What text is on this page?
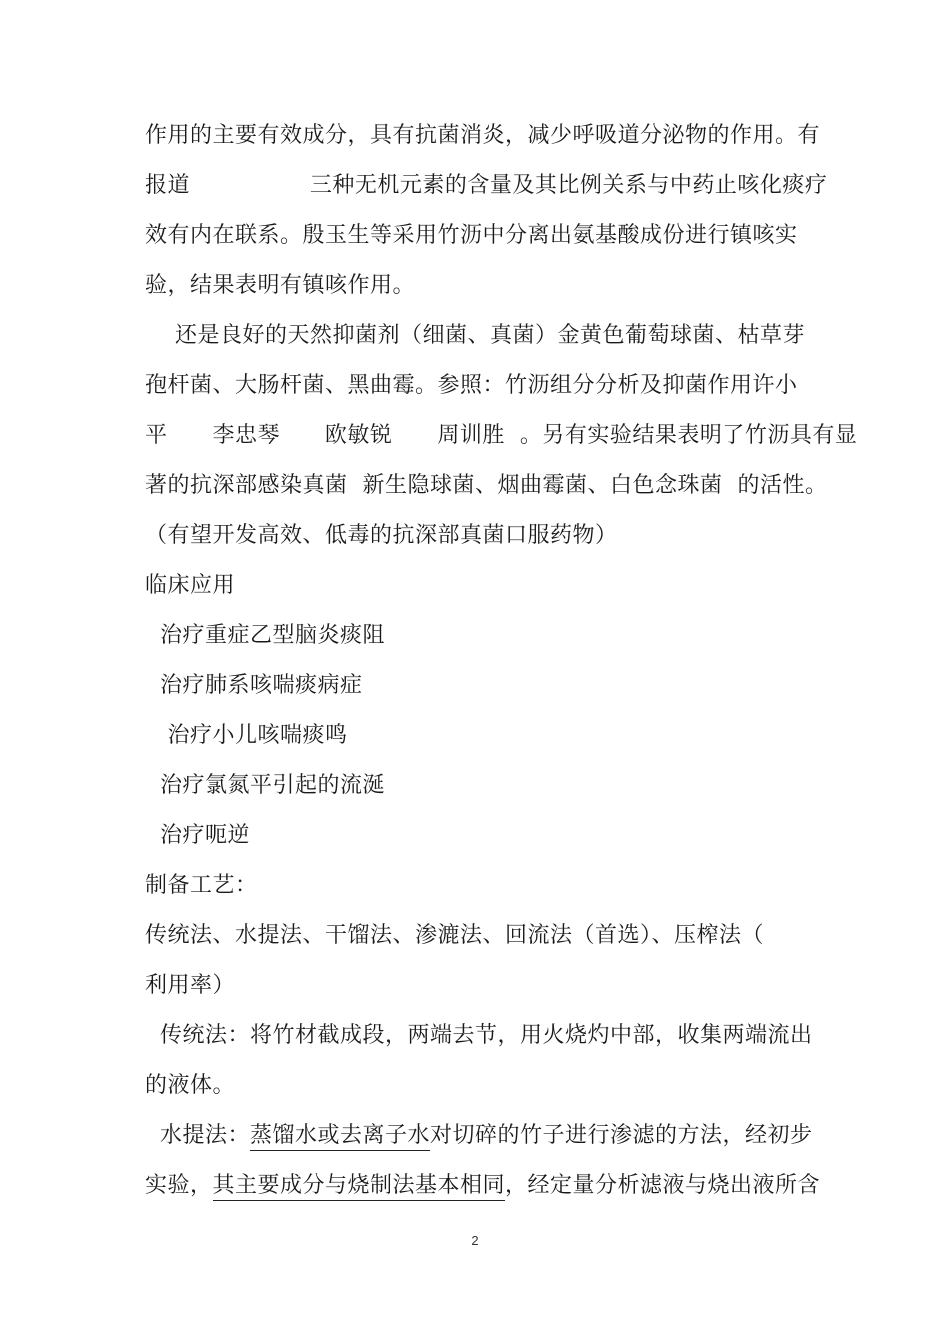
作用的主要有效成分，具有抗菌消炎，减少呼吸道分泌物的作用。有
报道                三种无机元素的含量及其比例关系与中药止咳化痰疗
效有内在联系。殷玉生等采用竹沥中分离出氨基酸成份进行镇咳实
验，结果表明有镇咳作用。
还是良好的天然抑菌剂（细菌、真菌）金黄色葡萄球菌、枯草芽
孢杆菌、大肠杆菌、黑曲霉。参照：竹沥组分分析及抑菌作用许小
平      李忠琴      欧敏锐      周训胜  。另有实验结果表明了竹沥具有显
著的抗深部感染真菌  新生隐球菌、烟曲霉菌、白色念珠菌  的活性。
（有望开发高效、低毒的抗深部真菌口服药物）
临床应用
治疗重症乙型脑炎痰阻
治疗肺系咳喘痰病症
治疗小儿咳喘痰鸣
治疗氯氮平引起的流涎
治疗呃逆
制备工艺：
传统法、水提法、干馏法、渗漉法、回流法（首选）、压榨法（
利用率）
传统法：将竹材截成段，两端去节，用火烧灼中部，收集两端流出
的液体。
水提法：蒸馏水或去离子水对切碎的竹子进行渗滤的方法，经初步
实验，其主要成分与烧制法基本相同，经定量分析滤液与烧出液所含
2
